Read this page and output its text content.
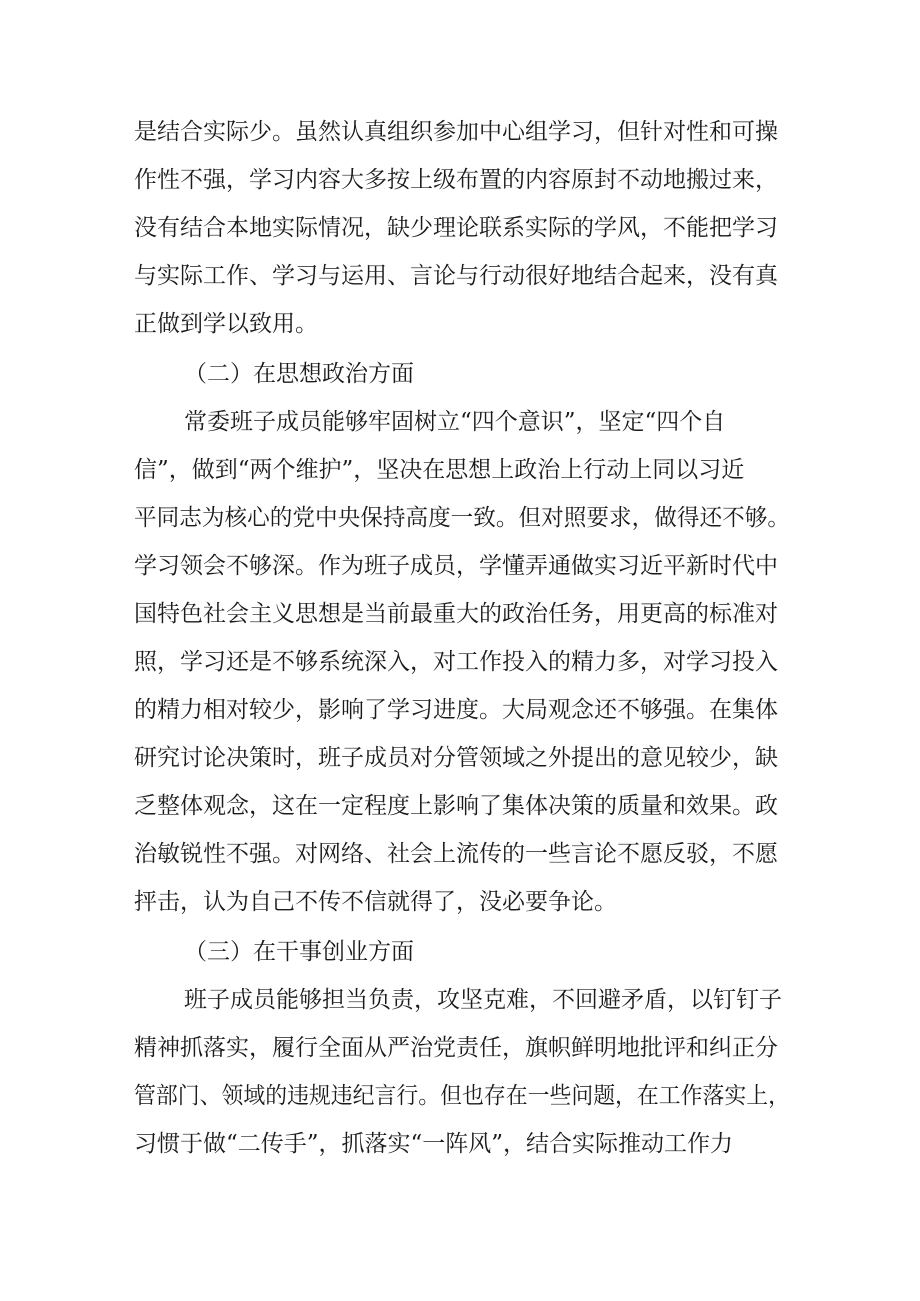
是结合实际少。虽然认真组织参加中心组学习，但针对性和可操
作性不强，学习内容大多按上级布置的内容原封不动地搬过来，
没有结合本地实际情况，缺少理论联系实际的学风，不能把学习
与实际工作、学习与运用、言论与行动很好地结合起来，没有真
正做到学以致用。
（二）在思想政治方面
常委班子成员能够牢固树立“四个意识”，坚定“四个自
信”，做到“两个维护”，坚决在思想上政治上行动上同以习近
平同志为核心的党中央保持高度一致。但对照要求，做得还不够。
学习领会不够深。作为班子成员，学懂弄通做实习近平新时代中
国特色社会主义思想是当前最重大的政治任务，用更高的标准对
照，学习还是不够系统深入，对工作投入的精力多，对学习投入
的精力相对较少，影响了学习进度。大局观念还不够强。在集体
研究讨论决策时，班子成员对分管领域之外提出的意见较少，缺
乏整体观念，这在一定程度上影响了集体决策的质量和效果。政
治敏锐性不强。对网络、社会上流传的一些言论不愿反驳，不愿
抨击，认为自己不传不信就得了，没必要争论。
（三）在干事创业方面
班子成员能够担当负责，攻坚克难，不回避矛盾，以钉钉子
精神抓落实，履行全面从严治党责任，旗帜鲜明地批评和纠正分
管部门、领域的违规违纪言行。但也存在一些问题，在工作落实上，
习惯于做“二传手”，抓落实“一阵风”，结合实际推动工作力
